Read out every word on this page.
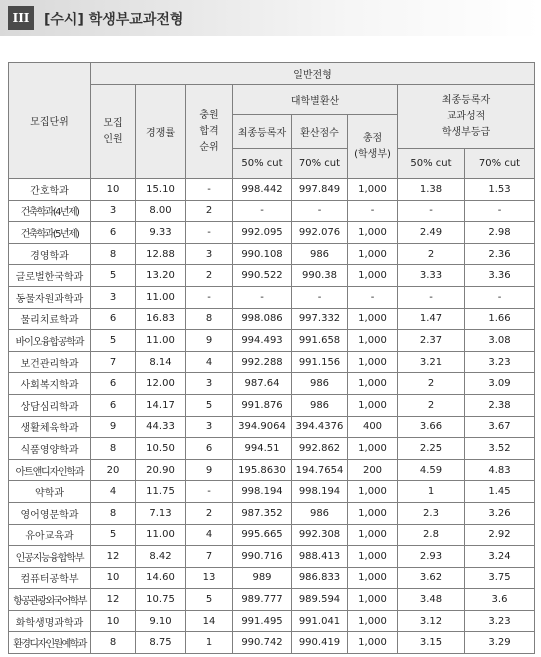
III	[수시] 학생부교과전형
모집단위	일반전형							
	모집
인원	경쟁률	충원
합격
순위	대학별환산			최종등록자
교과성적
학생부등급	
				최종등록자	환산점수	총점
(학생부)		
				50% cut	70% cut		50% cut	70% cut
간호학과	10	15.10	-	998.442	997.849	1,000	1.38	1.53
건축학과(4년제)	3	8.00	2	-	-	-	-	-
건축학과(5년제)	6	9.33	-	992.095	992.076	1,000	2.49	2.98
경영학과	8	12.88	3	990.108	986	1,000	2	2.36
글로벌한국학과	5	13.20	2	990.522	990.38	1,000	3.33	3.36
동물자원과학과	3	11.00	-	-	-	-	-	-
물리치료학과	6	16.83	8	998.086	997.332	1,000	1.47	1.66
바이오융합공학과	5	11.00	9	994.493	991.658	1,000	2.37	3.08
보건관리학과	7	8.14	4	992.288	991.156	1,000	3.21	3.23
사회복지학과	6	12.00	3	987.64	986	1,000	2	3.09
상담심리학과	6	14.17	5	991.876	986	1,000	2	2.38
생활체육학과	9	44.33	3	394.9064	394.4376	400	3.66	3.67
식품영양학과	8	10.50	6	994.51	992.862	1,000	2.25	3.52
아트앤디자인학과	20	20.90	9	195.8630	194.7654	200	4.59	4.83
약학과	4	11.75	-	998.194	998.194	1,000	1	1.45
영어영문학과	8	7.13	2	987.352	986	1,000	2.3	3.26
유아교육과	5	11.00	4	995.665	992.308	1,000	2.8	2.92
인공지능융합학부	12	8.42	7	990.716	988.413	1,000	2.93	3.24
컴퓨터공학부	10	14.60	13	989	986.833	1,000	3.62	3.75
항공관광외국어학부	12	10.75	5	989.777	989.594	1,000	3.48	3.6
화학생명과학과	10	9.10	14	991.495	991.041	1,000	3.12	3.23
환경디자인원예학과	8	8.75	1	990.742	990.419	1,000	3.15	3.29
